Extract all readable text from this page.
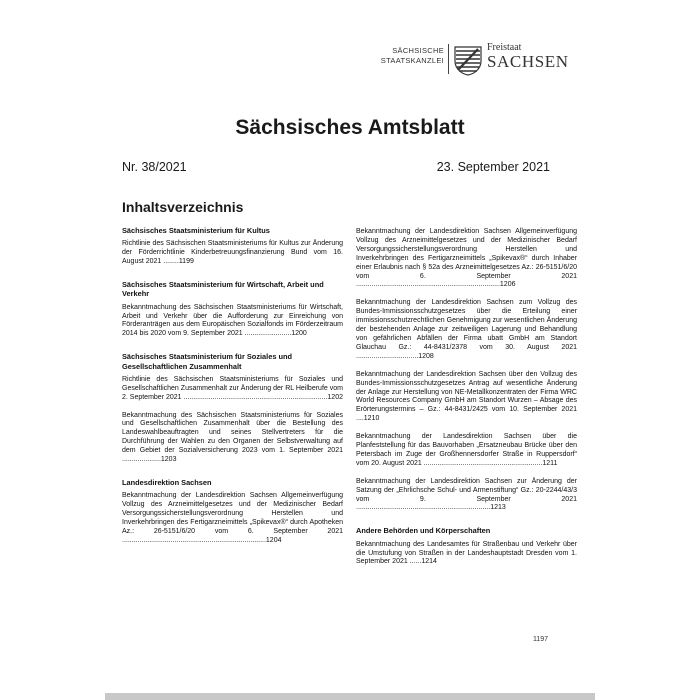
SÄCHSISCHE
STAATSKANZLEI
Freistaat
SACHSEN
Sächsisches Amtsblatt
Nr. 38/2021	23. September 2021
Inhaltsverzeichnis
Sächsisches Staatsministerium für Kultus

Richtlinie des Sächsischen Staatsministeriums für Kultus zur Änderung der Förderrichtlinie Kinderbetreuungsfinanzierung Bund vom 16. August 2021 ........1199

Sächsisches Staatsministerium für Wirtschaft, Arbeit und Verkehr

Bekanntmachung des Sächsischen Staatsministeriums für Wirtschaft, Arbeit und Verkehr über die Aufforderung zur Einreichung von Förderanträgen aus dem Europäischen Sozialfonds im Förderzeitraum 2014 bis 2020 vom 9. September 2021 ........................1200

Sächsisches Staatsministerium für Soziales und Gesellschaftlichen Zusammenhalt

Richtlinie des Sächsischen Staatsministeriums für Soziales und Gesellschaftlichen Zusammenhalt zur Änderung der RL Heilberufe vom 2. September 2021 ..........................................................................1202

Bekanntmachung des Sächsischen Staatsministeriums für Soziales und Gesellschaftlichen Zusammenhalt über die Bestellung des Landeswahlbeauftragten und seines Stellvertreters für die Durchführung der Wahlen zu den Organen der Selbstverwaltung auf dem Gebiet der Sozialversicherung 2023 vom 1. September 2021 ....................1203

Landesdirektion Sachsen

Bekanntmachung der Landesdirektion Sachsen Allgemeinverfügung Vollzug des Arzneimittelgesetzes und der Medizinischer Bedarf Versorgungssicherstellungsverordnung Herstellen und Inverkehrbringen des Fertigarzneimittels „Spikevax®“ durch Apotheken Az.: 26-5151/6/20 vom 6. September 2021 ..........................................................................1204

Bekanntmachung der Landesdirektion Sachsen Allgemeinverfügung Vollzug des Arzneimittelgesetzes und der Medizinischer Bedarf Versorgungssicherstellungsverordnung Herstellen und Inverkehrbringen des Fertigarzneimittels „Spikevax®“ durch Inhaber einer Erlaubnis nach § 52a des Arzneimittelgesetzes Az.: 26-5151/6/20 vom 6. September 2021 ..........................................................................1206

Bekanntmachung der Landesdirektion Sachsen zum Vollzug des Bundes-Immissionsschutzgesetzes über die Erteilung einer immissionsschutzrechtlichen Genehmigung zur wesentlichen Änderung der bestehenden Anlage zur zeitweiligen Lagerung und Behandlung von gefährlichen Abfällen der Firma ubatt GmbH am Standort Glauchau Gz.: 44-8431/2378 vom 30. August 2021 ................................1208

Bekanntmachung der Landesdirektion Sachsen über den Vollzug des Bundes-Immissionsschutzgesetzes Antrag auf wesentliche Änderung der Anlage zur Herstellung von NE-Metallkonzentraten der Firma WRC World Resources Company GmbH am Standort Wurzen – Absage des Erörterungstermins – Gz.: 44-8431/2425 vom 10. September 2021 ....1210

Bekanntmachung der Landesdirektion Sachsen über die Planfeststellung für das Bauvorhaben „Ersatzneubau Brücke über den Petersbach im Zuge der Großhennersdorfer Straße in Ruppersdorf“ vom 20. August 2021 .............................................................1211

Bekanntmachung der Landesdirektion Sachsen zur Änderung der Satzung der „Ehrlichsche Schul- und Armenstiftung“ Gz.: 20-2244/43/3 vom 9. September 2021 .....................................................................1213

Andere Behörden und Körperschaften

Bekanntmachung des Landesamtes für Straßenbau und Verkehr über die Umstufung von Straßen in der Landeshauptstadt Dresden vom 1. September 2021 ......1214

1197
